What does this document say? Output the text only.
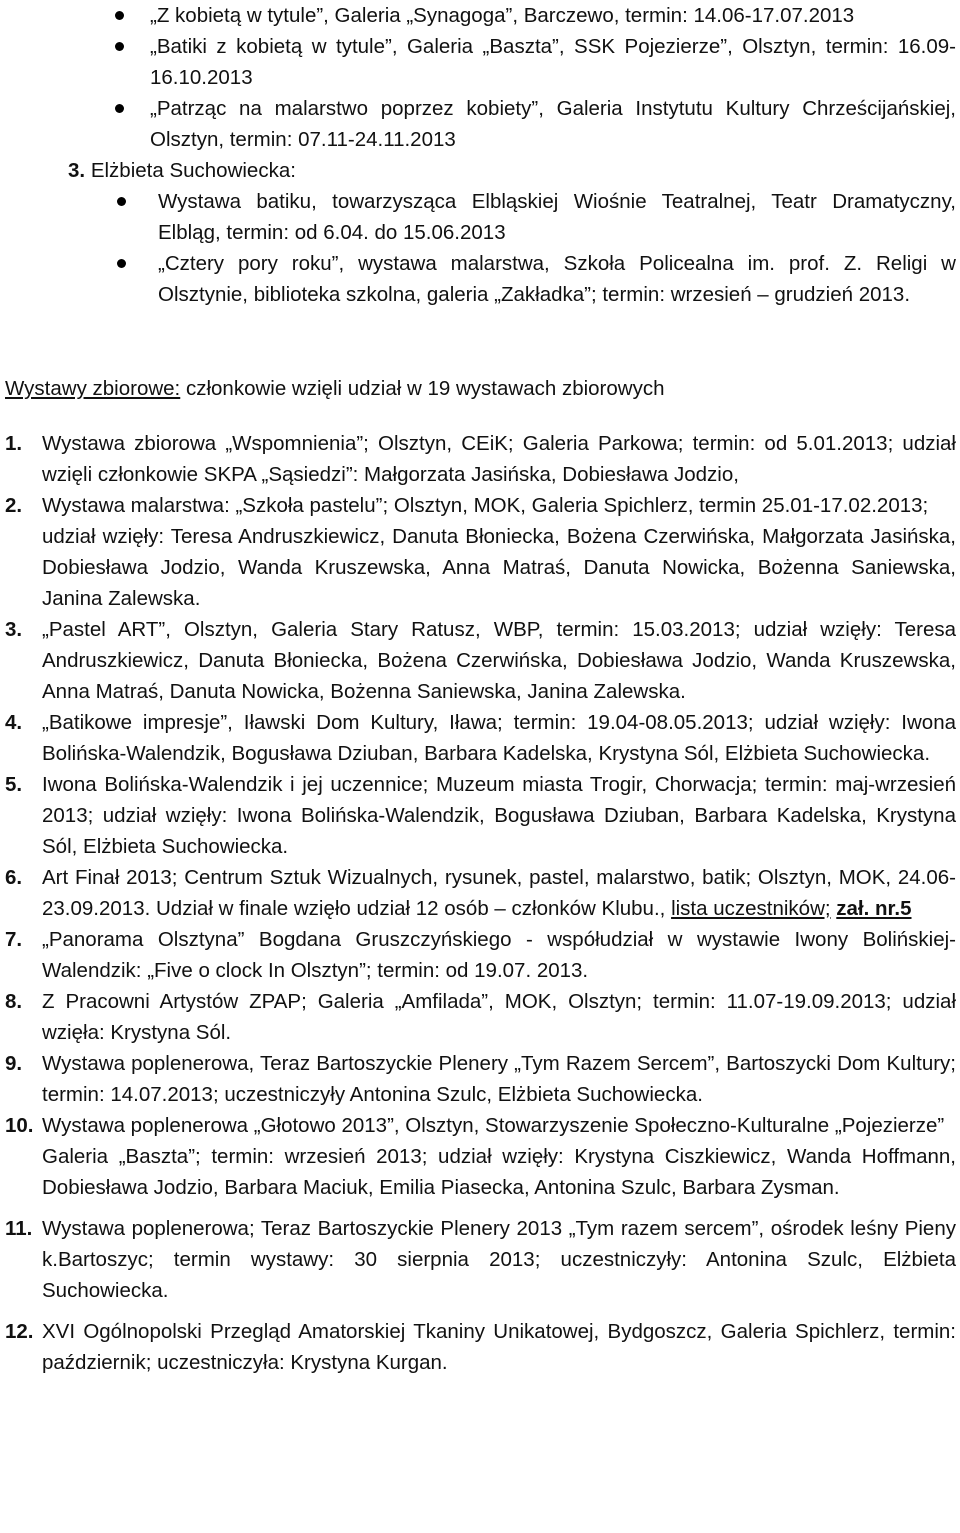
„Z kobietą w tytule”, Galeria „Synagoga”, Barczewo, termin: 14.06-17.07.2013
„Batiki z kobietą w tytule”, Galeria „Baszta”, SSK Pojezierze”, Olsztyn, termin: 16.09-16.10.2013
„Patrząc na malarstwo poprzez kobiety”, Galeria Instytutu Kultury Chrześcijańskiej, Olsztyn, termin: 07.11-24.11.2013
3. Elżbieta Suchowiecka:
Wystawa batiku, towarzysząca Elbląskiej Wiośnie Teatralnej, Teatr Dramatyczny, Elbląg, termin: od 6.04. do 15.06.2013
„Cztery pory roku”, wystawa malarstwa, Szkoła Policealna im. prof. Z. Religi w Olsztynie, biblioteka szkolna, galeria „Zakładka”; termin: wrzesień – grudzień 2013.
Wystawy zbiorowe: członkowie wzięli udział w 19 wystawach zbiorowych
1. Wystawa zbiorowa „Wspomnienia”; Olsztyn, CEiK; Galeria Parkowa; termin: od 5.01.2013; udział wzięli członkowie SKPA „Sąsiedzi”: Małgorzata Jasińska, Dobiesława Jodzio,
2. Wystawa malarstwa: „Szkoła pastelu”; Olsztyn, MOK, Galeria Spichlerz, termin 25.01-17.02.2013;
udział wzięły: Teresa Andruszkiewicz, Danuta Błoniecka, Bożena Czerwińska, Małgorzata Jasińska, Dobiesława Jodzio, Wanda Kruszewska, Anna Matraś, Danuta Nowicka, Bożenna Saniewska, Janina Zalewska.
3. „Pastel ART”, Olsztyn, Galeria Stary Ratusz, WBP, termin: 15.03.2013; udział wzięły: Teresa Andruszkiewicz, Danuta Błoniecka, Bożena Czerwińska, Dobiesława Jodzio, Wanda Kruszewska, Anna Matraś, Danuta Nowicka, Bożenna Saniewska, Janina Zalewska.
4. „Batikowe impresje”, Iławski Dom Kultury, Iława; termin: 19.04-08.05.2013; udział wzięły: Iwona Bolińska-Walendzik, Bogusława Dziuban, Barbara Kadelska, Krystyna Sól, Elżbieta Suchowiecka.
5. Iwona Bolińska-Walendzik i jej uczennice; Muzeum miasta Trogir, Chorwacja; termin: maj-wrzesień 2013; udział wzięły: Iwona Bolińska-Walendzik, Bogusława Dziuban, Barbara Kadelska, Krystyna Sól, Elżbieta Suchowiecka.
6. Art Finał 2013; Centrum Sztuk Wizualnych, rysunek, pastel, malarstwo, batik; Olsztyn, MOK, 24.06-23.09.2013. Udział w finale wzięło udział 12 osób – członków Klubu., lista uczestników; zał. nr.5
7. „Panorama Olsztyna” Bogdana Gruszczyńskiego - współudział w wystawie Iwony Bolińskiej-Walendzik: „Five o clock In Olsztyn”; termin: od 19.07. 2013.
8. Z Pracowni Artystów ZPAP; Galeria „Amfilada”, MOK, Olsztyn; termin: 11.07-19.09.2013; udział wzięła: Krystyna Sól.
9. Wystawa poplenerowa, Teraz Bartoszyckie Plenery „Tym Razem Sercem”, Bartoszycki Dom Kultury; termin: 14.07.2013; uczestniczyły Antonina Szulc, Elżbieta Suchowiecka.
10. Wystawa poplenerowa „Głotowo 2013”, Olsztyn, Stowarzyszenie Społeczno-Kulturalne „Pojezierze”
Galeria „Baszta”; termin: wrzesień 2013; udział wzięły: Krystyna Ciszkiewicz, Wanda Hoffmann, Dobiesława Jodzio, Barbara Maciuk, Emilia Piasecka, Antonina Szulc, Barbara Zysman.
11. Wystawa poplenerowa; Teraz Bartoszyckie Plenery 2013 „Tym razem sercem”, ośrodek leśny Pieny k.Bartoszyc; termin wystawy: 30 sierpnia 2013; uczestniczyły: Antonina Szulc, Elżbieta Suchowiecka.
12. XVI Ogólnopolski Przegląd Amatorskiej Tkaniny Unikatowej, Bydgoszcz, Galeria Spichlerz, termin: październik; uczestniczyła: Krystyna Kurgan.
